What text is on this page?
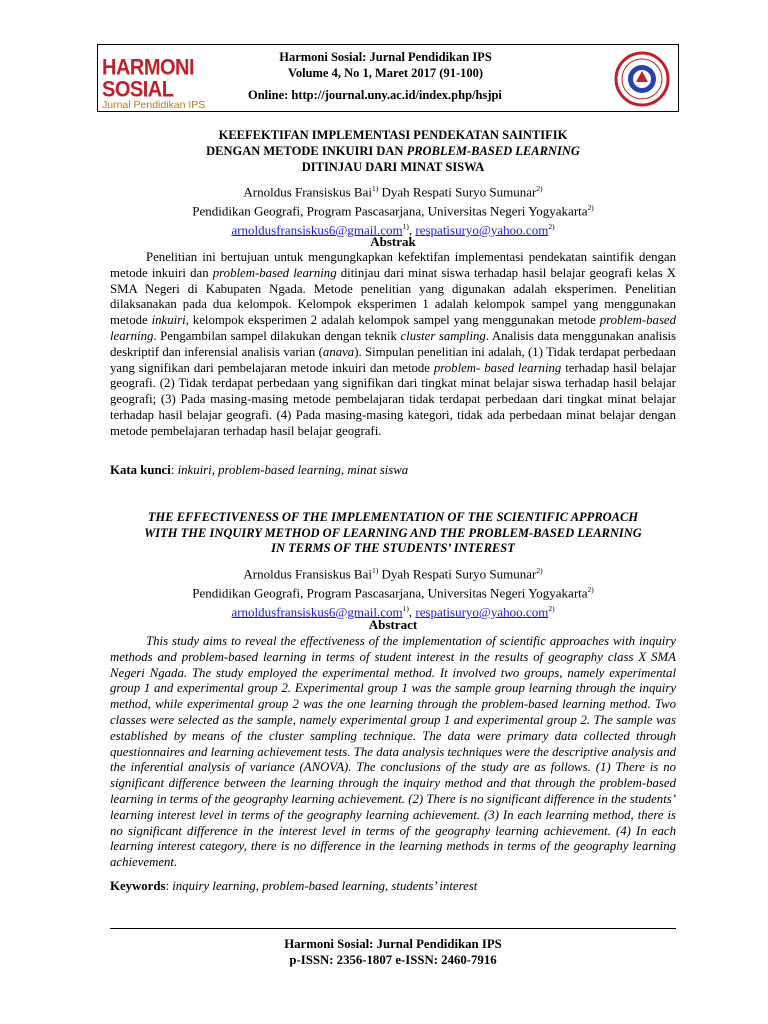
HARMONI SOSIAL
Jurnal Pendidikan IPS
Harmoni Sosial: Jurnal Pendidikan IPS
Volume 4, No 1, Maret 2017 (91-100)
Online: http://journal.uny.ac.id/index.php/hsjpi
KEEFEKTIFAN IMPLEMENTASI PENDEKATAN SAINTIFIK
DENGAN METODE INKUIRI DAN PROBLEM-BASED LEARNING
DITINJAU DARI MINAT SISWA
Arnoldus Fransiskus Bai$^{1)}$ Dyah Respati Suryo Sumunar$^{2)}$
Pendidikan Geografi, Program Pascasarjana, Universitas Negeri Yogyakarta$^{2)}$
arnoldusfransiskus6@gmail.com$^{1)}$, respatisuryo@yahoo.com$^{2)}$
Abstrak
Penelitian ini bertujuan untuk mengungkapkan kefektifan implementasi pendekatan saintifik dengan metode inkuiri dan problem-based learning ditinjau dari minat siswa terhadap hasil belajar geografi kelas X SMA Negeri di Kabupaten Ngada. Metode penelitian yang digunakan adalah eksperimen. Penelitian dilaksanakan pada dua kelompok. Kelompok eksperimen 1 adalah kelompok sampel yang menggunakan metode inkuiri, kelompok eksperimen 2 adalah kelompok sampel yang menggunakan metode problem-based learning. Pengambilan sampel dilakukan dengan teknik cluster sampling. Analisis data menggunakan analisis deskriptif dan inferensial analisis varian (anava). Simpulan penelitian ini adalah, (1) Tidak terdapat perbedaan yang signifikan dari pembelajaran metode inkuiri dan metode problem- based learning terhadap hasil belajar geografi. (2) Tidak terdapat perbedaan yang signifikan dari tingkat minat belajar siswa terhadap hasil belajar geografi; (3) Pada masing-masing metode pembelajaran tidak terdapat perbedaan dari tingkat minat belajar terhadap hasil belajar geografi. (4) Pada masing-masing kategori, tidak ada perbedaan minat belajar dengan metode pembelajaran terhadap hasil belajar geografi.
Kata kunci: inkuiri, problem-based learning, minat siswa
THE EFFECTIVENESS OF THE IMPLEMENTATION OF THE SCIENTIFIC APPROACH
WITH THE INQUIRY METHOD OF LEARNING AND THE PROBLEM-BASED LEARNING
IN TERMS OF THE STUDENTS’ INTEREST
Arnoldus Fransiskus Bai$^{1)}$ Dyah Respati Suryo Sumunar$^{2)}$
Pendidikan Geografi, Program Pascasarjana, Universitas Negeri Yogyakarta$^{2)}$
arnoldusfransiskus6@gmail.com$^{1)}$, respatisuryo@yahoo.com$^{2)}$
Abstract
This study aims to reveal the effectiveness of the implementation of scientific approaches with inquiry methods and problem-based learning in terms of student interest in the results of geography class X SMA Negeri Ngada. The study employed the experimental method. It involved two groups, namely experimental group 1 and experimental group 2. Experimental group 1 was the sample group learning through the inquiry method, while experimental group 2 was the one learning through the problem-based learning method. Two classes were selected as the sample, namely experimental group 1 and experimental group 2. The sample was established by means of the cluster sampling technique. The data were primary data collected through questionnaires and learning achievement tests. The data analysis techniques were the descriptive analysis and the inferential analysis of variance (ANOVA). The conclusions of the study are as follows. (1) There is no significant difference between the learning through the inquiry method and that through the problem-based learning in terms of the geography learning achievement. (2) There is no significant difference in the students’ learning interest level in terms of the geography learning achievement. (3) In each learning method, there is no significant difference in the interest level in terms of the geography learning achievement. (4) In each learning interest category, there is no difference in the learning methods in terms of the geography learning achievement.
Keywords: inquiry learning, problem-based learning, students’ interest
Harmoni Sosial: Jurnal Pendidikan IPS
p-ISSN: 2356-1807 e-ISSN: 2460-7916
